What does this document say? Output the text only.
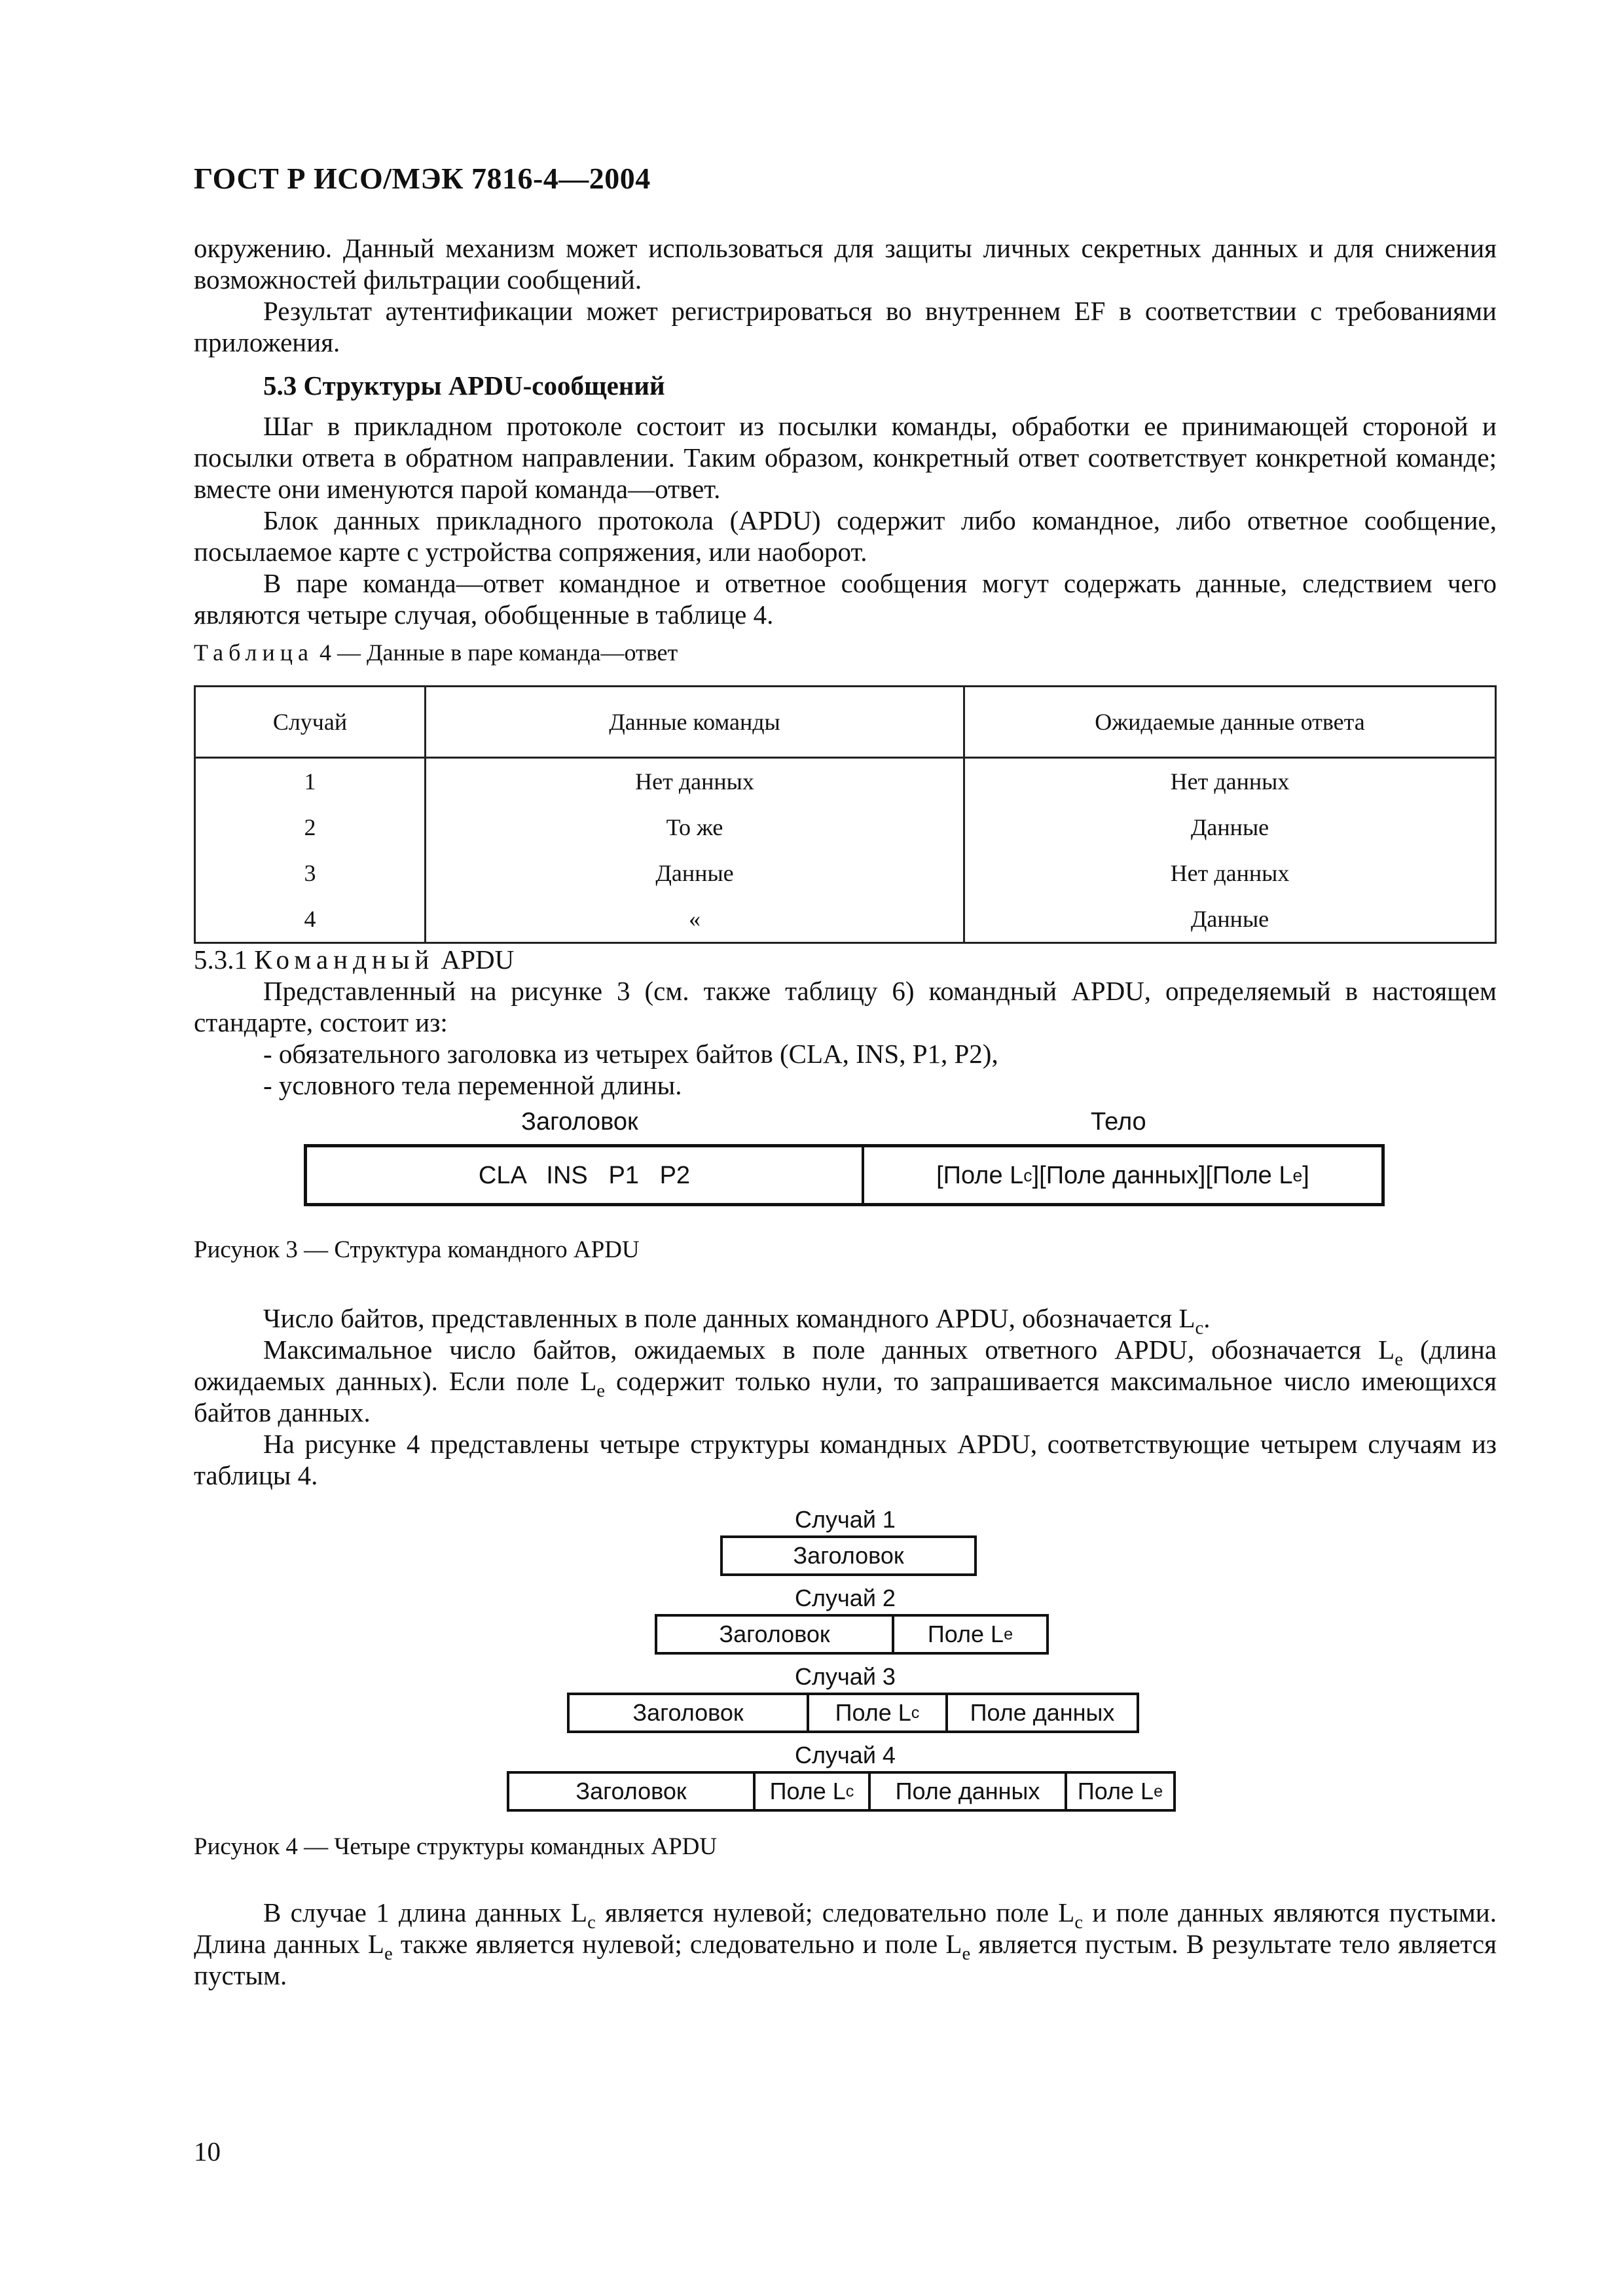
ГОСТ Р ИСО/МЭК 7816-4—2004

окружению. Данный механизм может использоваться для защиты личных секретных данных и для снижения возможностей фильтрации сообщений.

Результат аутентификации может регистрироваться во внутреннем EF в соответствии с требованиями приложения.

5.3 Структуры APDU-сообщений

Шаг в прикладном протоколе состоит из посылки команды, обработки ее принимающей стороной и посылки ответа в обратном направлении. Таким образом, конкретный ответ соответствует конкретной команде; вместе они именуются парой команда—ответ.

Блок данных прикладного протокола (APDU) содержит либо командное, либо ответное сообщение, посылаемое карте с устройства сопряжения, или наоборот.

В паре команда—ответ командное и ответное сообщения могут содержать данные, следствием чего являются четыре случая, обобщенные в таблице 4.

Таблица 4 — Данные в паре команда—ответ
Случай	Данные команды	Ожидаемые данные ответа
1	Нет данных	Нет данных
2	То же	Данные
3	Данные	Нет данных
4	«	Данные

5.3.1 Командный APDU

Представленный на рисунке 3 (см. также таблицу 6) командный APDU, определяемый в настоящем стандарте, состоит из:

- обязательного заголовка из четырех байтов (CLA, INS, P1, P2),

- условного тела переменной длины.

Заголовок	Тело
CLA   INS   P1   P2	[Поле L c ][Поле данных][Поле L e ]

Рисунок 3 — Структура командного APDU

Число байтов, представленных в поле данных командного APDU, обозначается $L_c$.

Максимальное число байтов, ожидаемых в поле данных ответного APDU, обозначается $L_e$ (длина ожидаемых данных). Если поле $L_e$ содержит только нули, то запрашивается максимальное число имеющихся байтов данных.

На рисунке 4 представлены четыре структуры командных APDU, соответствующие четырем случаям из таблицы 4.

Случай 1
Заголовок
Случай 2
Заголовок	Поле L e
Случай 3
Заголовок	Поле L c	Поле данных
Случай 4
Заголовок	Поле L c	Поле данных	Поле L e

Рисунок 4 — Четыре структуры командных APDU

В случае 1 длина данных $L_c$ является нулевой; следовательно поле $L_c$ и поле данных являются пустыми. Длина данных $L_e$ также является нулевой; следовательно и поле $L_e$ является пустым. В результате тело является пустым.

10
